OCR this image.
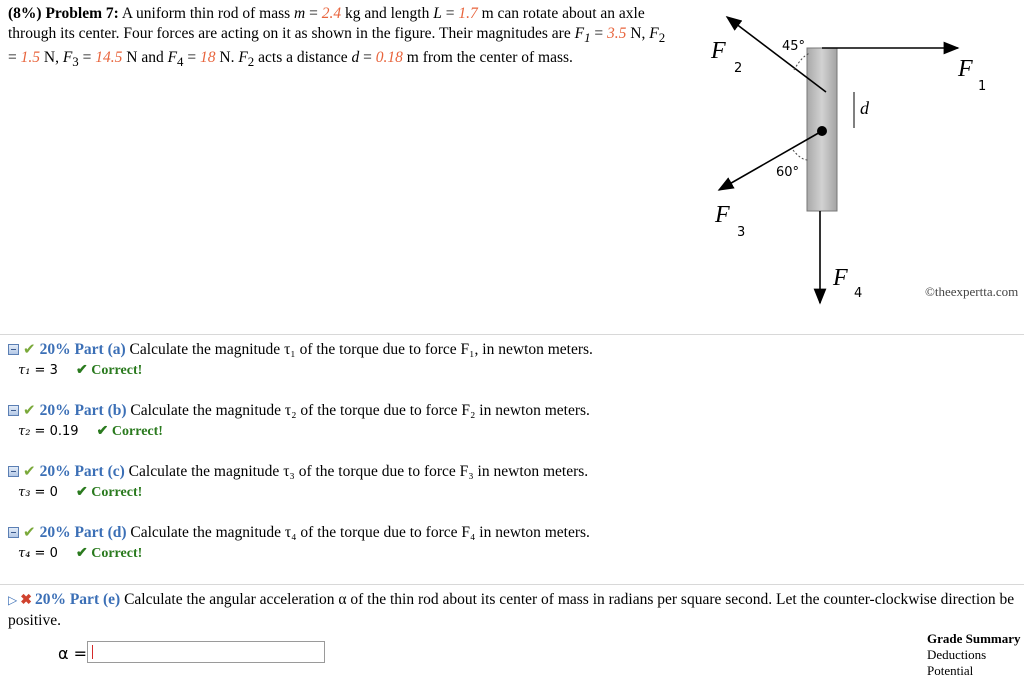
(8%) Problem 7: A uniform thin rod of mass m = 2.4 kg and length L = 1.7 m can rotate about an axle through its center. Four forces are acting on it as shown in the figure. Their magnitudes are $F_1 = 3.5$ N, $F_2 = 1.5$ N, $F_3 = 14.5$ N and $F_4 = 18$ N. $F_2$ acts a distance d = 0.18 m from the center of mass.
45°
60°
d
F
2	F
1
F
3
F
4	©theexpertta.com
✔ 20% Part (a) Calculate the magnitude τ₁ of the torque due to force F₁, in newton meters.
τ₁ = 3 ✔ Correct!
✔ 20% Part (b) Calculate the magnitude τ₂ of the torque due to force F₂ in newton meters.
τ₂ = 0.19 ✔ Correct!
✔ 20% Part (c) Calculate the magnitude τ₃ of the torque due to force F₃ in newton meters.
τ₃ = 0 ✔ Correct!
✔ 20% Part (d) Calculate the magnitude τ₄ of the torque due to force F₄ in newton meters.
τ₄ = 0 ✔ Correct!
▷ ✖ 20% Part (e) Calculate the angular acceleration α of the thin rod about its center of mass in radians per square second. Let the counter-clockwise direction be positive.
α =
Grade Summary
Deductions
Potential
